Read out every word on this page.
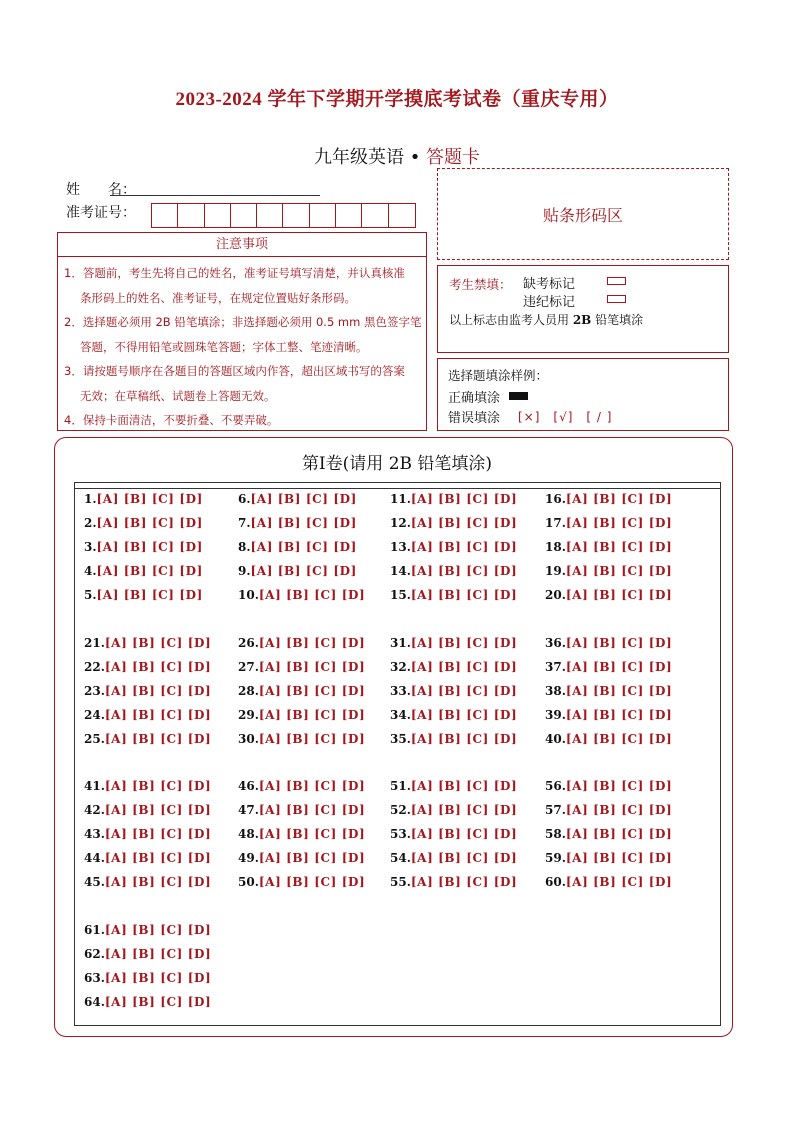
2023-2024 学年下学期开学摸底考试卷（重庆专用）
九年级英语 • 答题卡
姓　　名：
准考证号：	贴条形码区
注意事项

1．答题前，考生先将自己的姓名，准考证号填写清楚，并认真核准

条形码上的姓名、准考证号，在规定位置贴好条形码。

2．选择题必须用 2B 铅笔填涂；非选择题必须用 0.5 mm 黑色签字笔

答题，不得用铅笔或圆珠笔答题；字体工整、笔迹清晰。

3．请按题号顺序在各题目的答题区域内作答，超出区域书写的答案

无效；在草稿纸、试题卷上答题无效。

4．保持卡面清洁，不要折叠、不要弄破。

考生禁填： 缺考标记
违纪标记
以上标志由监考人员用 2B 铅笔填涂
选择题填涂样例：
正确填涂
错误填涂 [×]　[√]　[ / ]
第Ⅰ卷(请用 2B 铅笔填涂)
1.[A] [B] [C] [D]
2.[A] [B] [C] [D]
3.[A] [B] [C] [D]
4.[A] [B] [C] [D]
5.[A] [B] [C] [D]
6.[A] [B] [C] [D]
7.[A] [B] [C] [D]
8.[A] [B] [C] [D]
9.[A] [B] [C] [D]
10.[A] [B] [C] [D]
11.[A] [B] [C] [D]
12.[A] [B] [C] [D]
13.[A] [B] [C] [D]
14.[A] [B] [C] [D]
15.[A] [B] [C] [D]
16.[A] [B] [C] [D]
17.[A] [B] [C] [D]
18.[A] [B] [C] [D]
19.[A] [B] [C] [D]
20.[A] [B] [C] [D]
21.[A] [B] [C] [D]
22.[A] [B] [C] [D]
23.[A] [B] [C] [D]
24.[A] [B] [C] [D]
25.[A] [B] [C] [D]
26.[A] [B] [C] [D]
27.[A] [B] [C] [D]
28.[A] [B] [C] [D]
29.[A] [B] [C] [D]
30.[A] [B] [C] [D]
31.[A] [B] [C] [D]
32.[A] [B] [C] [D]
33.[A] [B] [C] [D]
34.[A] [B] [C] [D]
35.[A] [B] [C] [D]
36.[A] [B] [C] [D]
37.[A] [B] [C] [D]
38.[A] [B] [C] [D]
39.[A] [B] [C] [D]
40.[A] [B] [C] [D]
41.[A] [B] [C] [D]
42.[A] [B] [C] [D]
43.[A] [B] [C] [D]
44.[A] [B] [C] [D]
45.[A] [B] [C] [D]
46.[A] [B] [C] [D]
47.[A] [B] [C] [D]
48.[A] [B] [C] [D]
49.[A] [B] [C] [D]
50.[A] [B] [C] [D]
51.[A] [B] [C] [D]
52.[A] [B] [C] [D]
53.[A] [B] [C] [D]
54.[A] [B] [C] [D]
55.[A] [B] [C] [D]
56.[A] [B] [C] [D]
57.[A] [B] [C] [D]
58.[A] [B] [C] [D]
59.[A] [B] [C] [D]
60.[A] [B] [C] [D]
61.[A] [B] [C] [D]
62.[A] [B] [C] [D]
63.[A] [B] [C] [D]
64.[A] [B] [C] [D]
